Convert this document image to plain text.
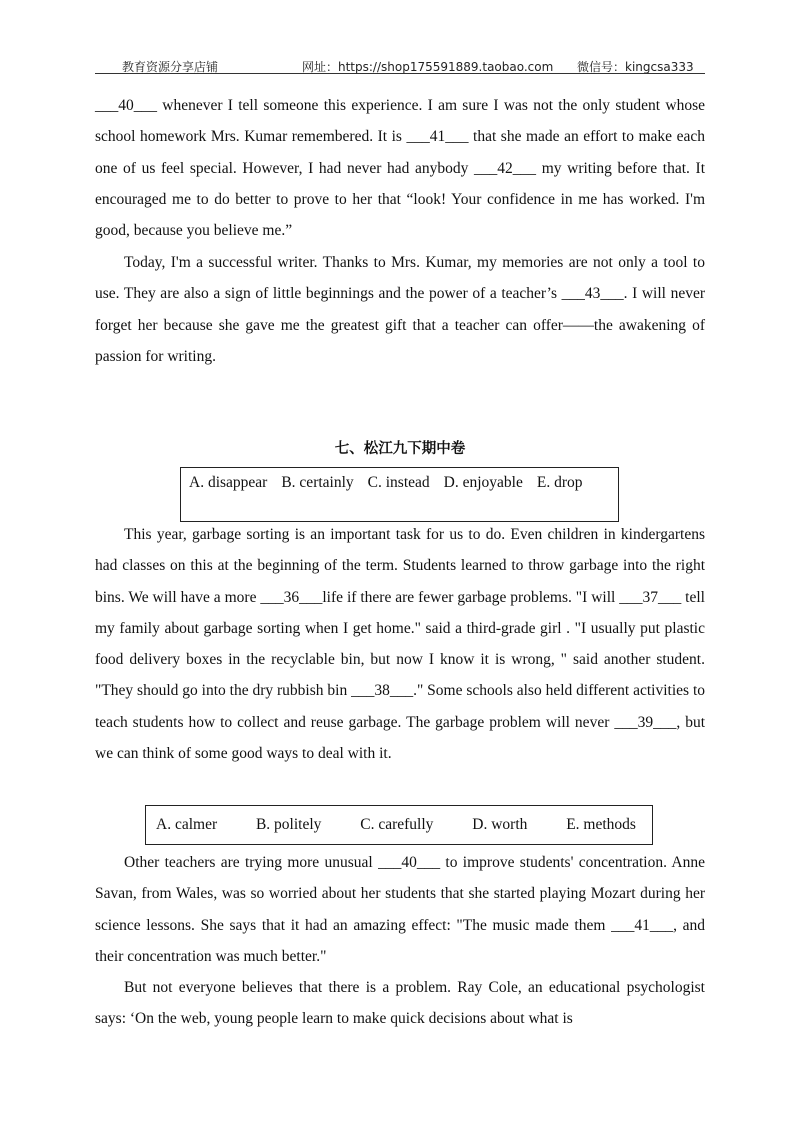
教育资源分享店铺	网址：https://shop175591889.taobao.com 微信号：kingcsa333

___40___ whenever I tell someone this experience. I am sure I was not the only student whose school homework Mrs. Kumar remembered. It is ___41___ that she made an effort to make each one of us feel special. However, I had never had anybody ___42___ my writing before that. It encouraged me to do better to prove to her that “look! Your confidence in me has worked. I'm good, because you believe me.”

Today, I'm a successful writer. Thanks to Mrs. Kumar, my memories are not only a tool to use. They are also a sign of little beginnings and the power of a teacher’s ___43___. I will never forget her because she gave me the greatest gift that a teacher can offer——the awakening of passion for writing.

七、松江九下期中卷
A. disappear B. certainly C. instead D. enjoyable E. drop

This year, garbage sorting is an important task for us to do. Even children in kindergartens had classes on this at the beginning of the term. Students learned to throw garbage into the right bins. We will have a more ___36___life if there are fewer garbage problems. "I will ___37___ tell my family about garbage sorting when I get home." said a third-grade girl . "I usually put plastic food delivery boxes in the recyclable bin, but now I know it is wrong, " said another student. "They should go into the dry rubbish bin ___38___." Some schools also held different activities to teach students how to collect and reuse garbage. The garbage problem will never ___39___, but we can think of some good ways to deal with it.

A. calmer	B. politely	C. carefully	D. worth	E. methods

Other teachers are trying more unusual ___40___ to improve students' concentration. Anne Savan, from Wales, was so worried about her students that she started playing Mozart during her science lessons. She says that it had an amazing effect: "The music made them ___41___, and their concentration was much better."

But not everyone believes that there is a problem. Ray Cole, an educational psychologist says: ‘On the web, young people learn to make quick decisions about what is
